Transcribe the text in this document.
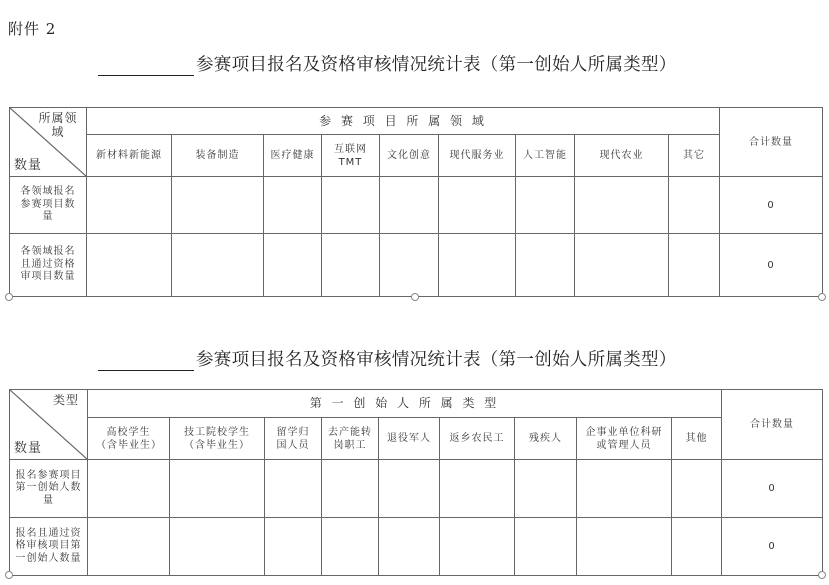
附件 2
参赛项目报名及资格审核情况统计表（第一创始人所属类型）
所属领域
数量	参 赛 项 目 所 属 领 域									合计数量
	新材料新能源	装备制造	医疗健康	互联网TMT	文化创意	现代服务业	人工智能	现代农业	其它	
各领域报名参赛项目数量										0
各领域报名且通过资格审项目数量										0
参赛项目报名及资格审核情况统计表（第一创始人所属类型）
类型
数量	第 一 创 始 人 所 属 类 型									合计数量
	高校学生（含毕业生）	技工院校学生（含毕业生）	留学归国人员	去产能转岗职工	退役军人	返乡农民工	残疾人	企事业单位科研或管理人员	其他	
报名参赛项目第一创始人数量										0
报名且通过资格审核项目第一创始人数量										0
